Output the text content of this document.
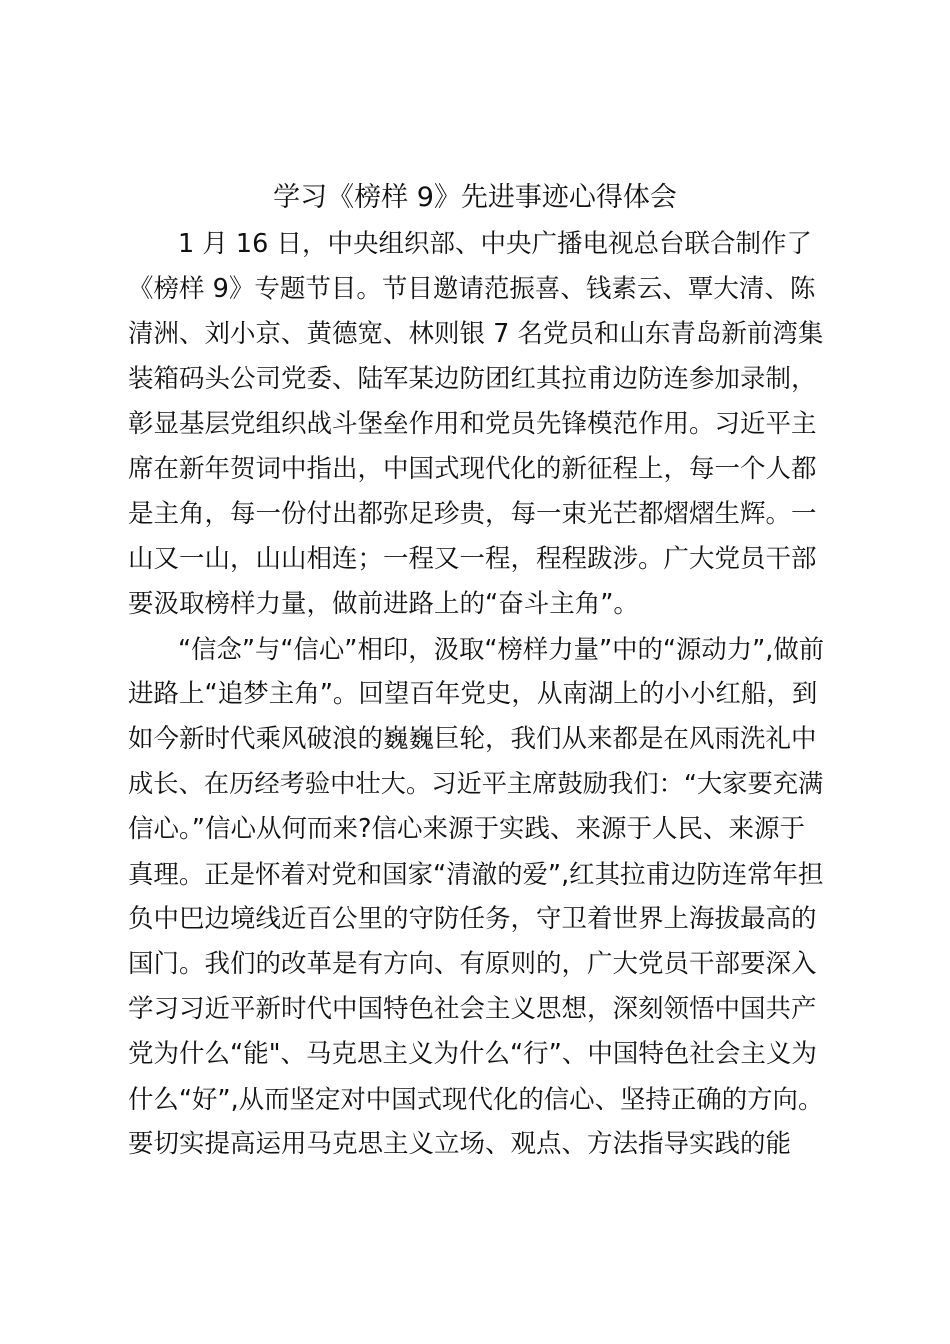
学习《榜样 9》先进事迹心得体会

1 月 16 日，中央组织部、中央广播电视总台联合制作了

《榜样 9》专题节目。节目邀请范振喜、钱素云、覃大清、陈

清洲、刘小京、黄德宽、林则银 7 名党员和山东青岛新前湾集

装箱码头公司党委、陆军某边防团红其拉甫边防连参加录制，

彰显基层党组织战斗堡垒作用和党员先锋模范作用。习近平主

席在新年贺词中指出，中国式现代化的新征程上，每一个人都

是主角，每一份付出都弥足珍贵，每一束光芒都熠熠生辉。一

山又一山，山山相连；一程又一程，程程跋涉。广大党员干部

要汲取榜样力量，做前进路上的“奋斗主角”。

“信念”与“信心”相印，汲取“榜样力量”中的“源动力”,做前

进路上“追梦主角”。回望百年党史，从南湖上的小小红船，到

如今新时代乘风破浪的巍巍巨轮，我们从来都是在风雨洗礼中

成长、在历经考验中壮大。习近平主席鼓励我们：“大家要充满

信心。”信心从何而来?信心来源于实践、来源于人民、来源于

真理。正是怀着对党和国家“清澈的爱”,红其拉甫边防连常年担

负中巴边境线近百公里的守防任务，守卫着世界上海拔最高的

国门。我们的改革是有方向、有原则的，广大党员干部要深入

学习习近平新时代中国特色社会主义思想，深刻领悟中国共产

党为什么“能"、马克思主义为什么“行”、中国特色社会主义为

什么“好”,从而坚定对中国式现代化的信心、坚持正确的方向。

要切实提高运用马克思主义立场、观点、方法指导实践的能
